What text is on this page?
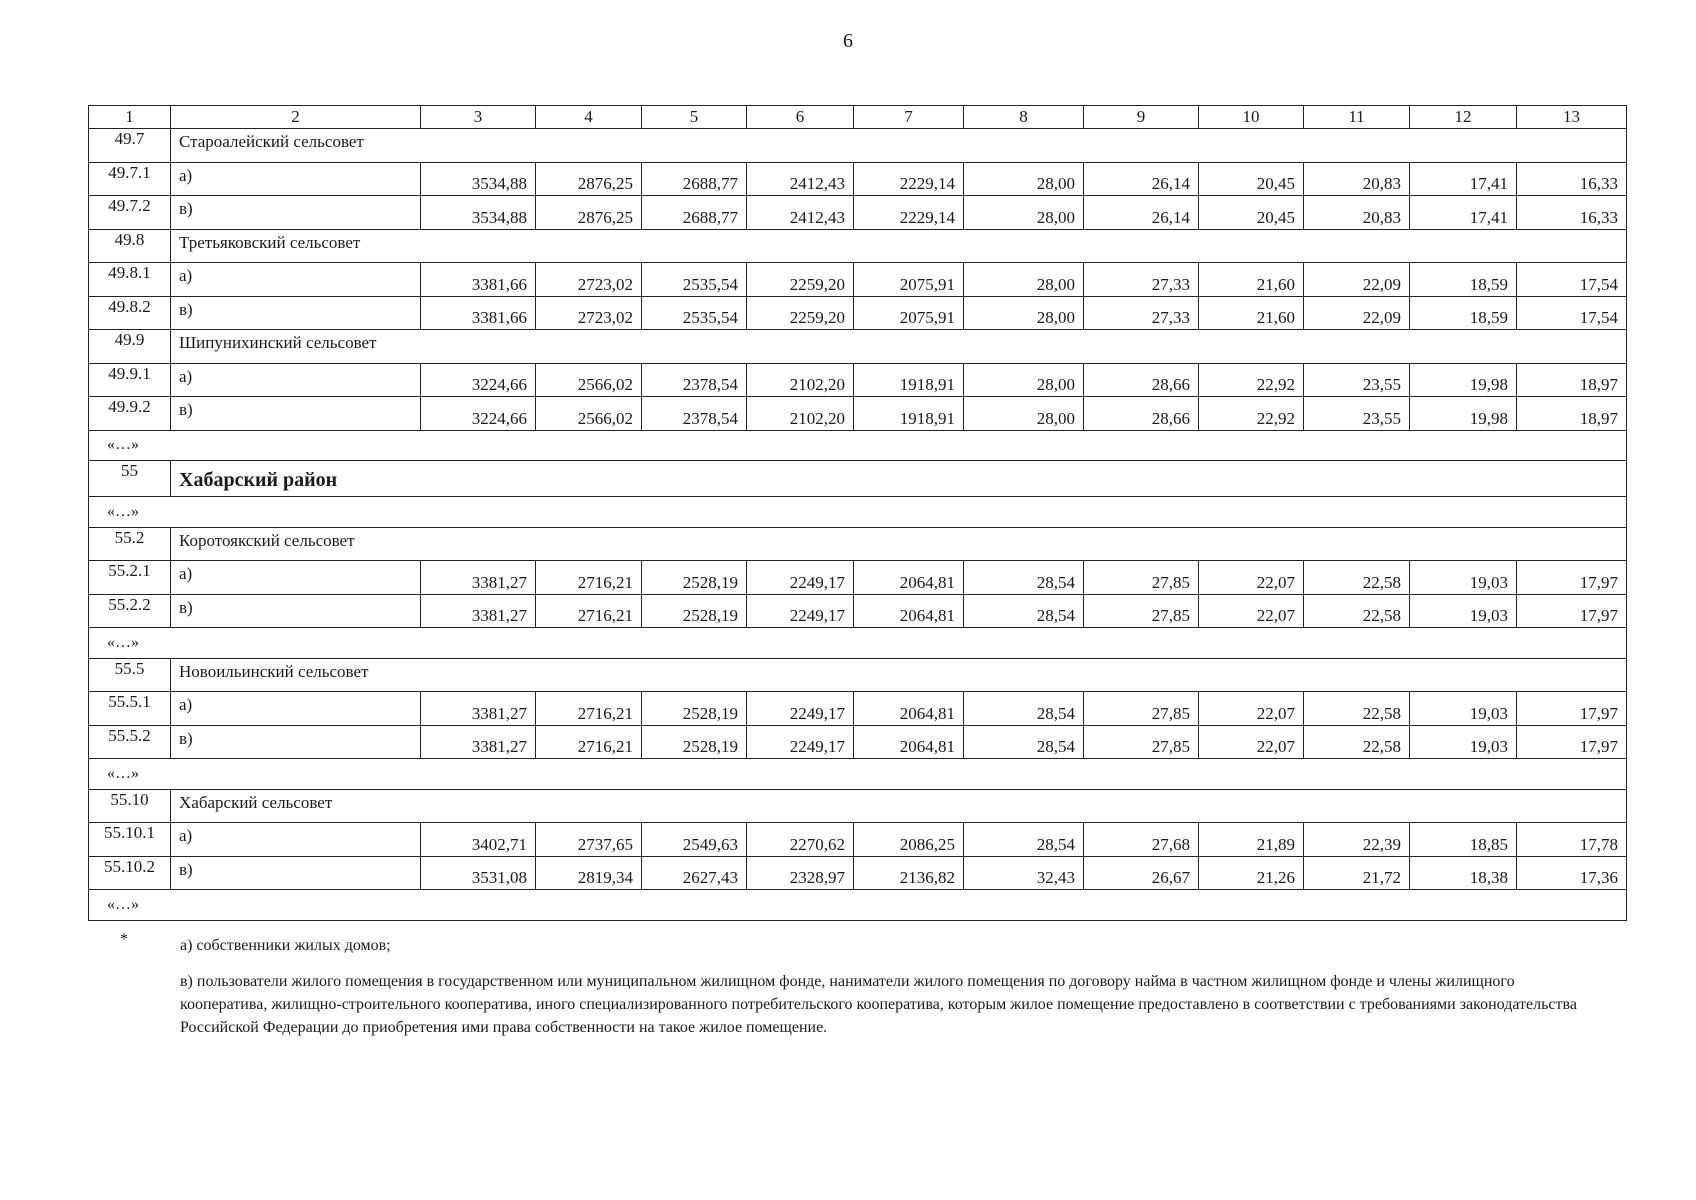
6
1	2	3	4	5	6	7	8	9	10	11	12	13
49.7	Староалейский сельсовет											
49.7.1	а)	3534,88	2876,25	2688,77	2412,43	2229,14	28,00	26,14	20,45	20,83	17,41	16,33
49.7.2	в)	3534,88	2876,25	2688,77	2412,43	2229,14	28,00	26,14	20,45	20,83	17,41	16,33
49.8	Третьяковский сельсовет											
49.8.1	а)	3381,66	2723,02	2535,54	2259,20	2075,91	28,00	27,33	21,60	22,09	18,59	17,54
49.8.2	в)	3381,66	2723,02	2535,54	2259,20	2075,91	28,00	27,33	21,60	22,09	18,59	17,54
49.9	Шипунихинский сельсовет											
49.9.1	а)	3224,66	2566,02	2378,54	2102,20	1918,91	28,00	28,66	22,92	23,55	19,98	18,97
49.9.2	в)	3224,66	2566,02	2378,54	2102,20	1918,91	28,00	28,66	22,92	23,55	19,98	18,97
«…»												
55	Хабарский район											
«…»												
55.2	Коротоякский сельсовет											
55.2.1	а)	3381,27	2716,21	2528,19	2249,17	2064,81	28,54	27,85	22,07	22,58	19,03	17,97
55.2.2	в)	3381,27	2716,21	2528,19	2249,17	2064,81	28,54	27,85	22,07	22,58	19,03	17,97
«…»												
55.5	Новоильинский сельсовет											
55.5.1	а)	3381,27	2716,21	2528,19	2249,17	2064,81	28,54	27,85	22,07	22,58	19,03	17,97
55.5.2	в)	3381,27	2716,21	2528,19	2249,17	2064,81	28,54	27,85	22,07	22,58	19,03	17,97
«…»												
55.10	Хабарский сельсовет											
55.10.1	а)	3402,71	2737,65	2549,63	2270,62	2086,25	28,54	27,68	21,89	22,39	18,85	17,78
55.10.2	в)	3531,08	2819,34	2627,43	2328,97	2136,82	32,43	26,67	21,26	21,72	18,38	17,36
«…»												
*	а) собственники жилых домов;
в) пользователи жилого помещения в государственном или муниципальном жилищном фонде, наниматели жилого помещения по договору найма в частном жилищном фонде и члены жилищного кооператива, жилищно-строительного кооператива, иного специализированного потребительского кооператива, которым жилое помещение предоставлено в соответствии с требованиями законодательства Российской Федерации до приобретения ими права собственности на такое жилое помещение.
